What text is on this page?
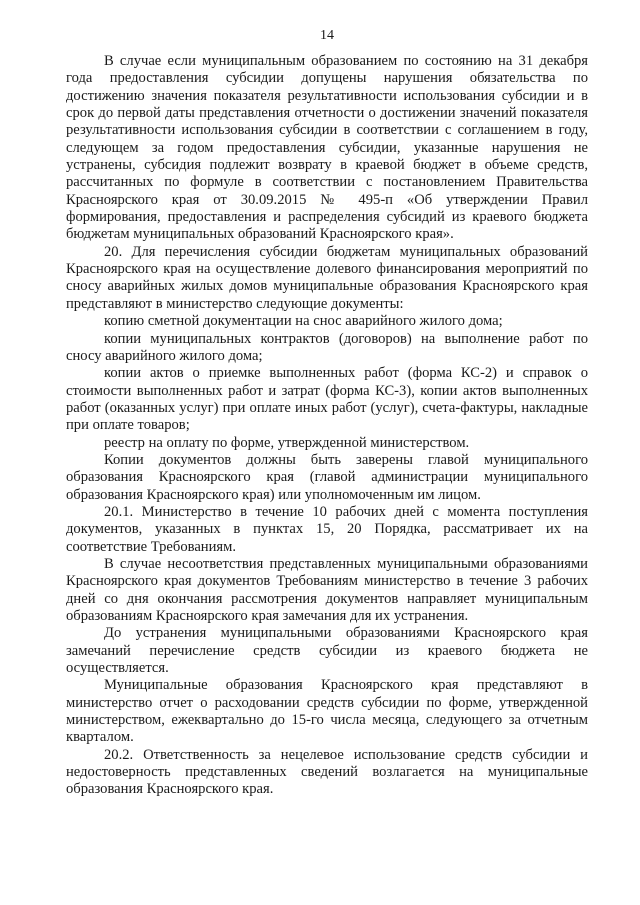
14

В случае если муниципальным образованием по состоянию на 31 декабря года предоставления субсидии допущены нарушения обязательства по достижению значения показателя результативности использования субсидии и в срок до первой даты представления отчетности о достижении значений показателя результативности использования субсидии в соответствии с соглашением в году, следующем за годом предоставления субсидии, указанные нарушения не устранены, субсидия подлежит возврату в краевой бюджет в объеме средств, рассчитанных по формуле в соответствии с постановлением Правительства Красноярского края от 30.09.2015 № 495-п «Об утверждении Правил формирования, предоставления и распределения субсидий из краевого бюджета бюджетам муниципальных образований Красноярского края».

20. Для перечисления субсидии бюджетам муниципальных образований Красноярского края на осуществление долевого финансирования мероприятий по сносу аварийных жилых домов муниципальные образования Красноярского края представляют в министерство следующие документы:

копию сметной документации на снос аварийного жилого дома;

копии муниципальных контрактов (договоров) на выполнение работ по сносу аварийного жилого дома;

копии актов о приемке выполненных работ (форма КС-2) и справок о стоимости выполненных работ и затрат (форма КС-3), копии актов выполненных работ (оказанных услуг) при оплате иных работ (услуг), счета-фактуры, накладные при оплате товаров;

реестр на оплату по форме, утвержденной министерством.

Копии документов должны быть заверены главой муниципального образования Красноярского края (главой администрации муниципального образования Красноярского края) или уполномоченным им лицом.

20.1. Министерство в течение 10 рабочих дней с момента поступления документов, указанных в пунктах 15, 20 Порядка, рассматривает их на соответствие Требованиям.

В случае несоответствия представленных муниципальными образованиями Красноярского края документов Требованиям министерство в течение 3 рабочих дней со дня окончания рассмотрения документов направляет муниципальным образованиям Красноярского края замечания для их устранения.

До устранения муниципальными образованиями Красноярского края замечаний перечисление средств субсидии из краевого бюджета не осуществляется.

Муниципальные образования Красноярского края представляют в министерство отчет о расходовании средств субсидии по форме, утвержденной министерством, ежеквартально до 15-го числа месяца, следующего за отчетным кварталом.

20.2. Ответственность за нецелевое использование средств субсидии и недостоверность представленных сведений возлагается на муниципальные образования Красноярского края.
